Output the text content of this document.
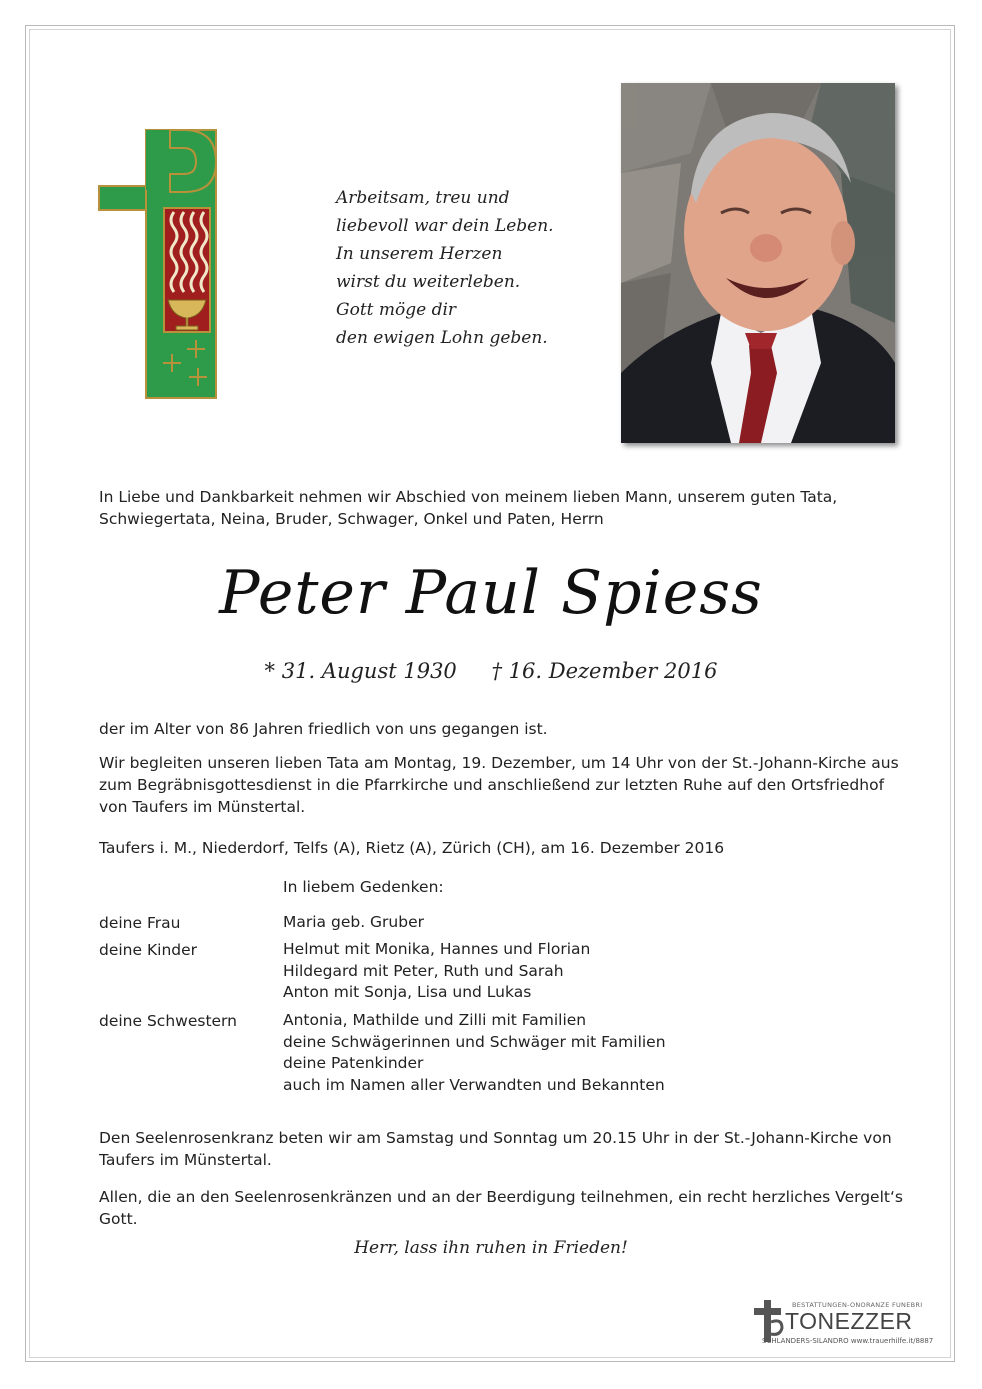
Arbeitsam, treu und
liebevoll war dein Leben.
In unserem Herzen
wirst du weiterleben.
Gott möge dir
den ewigen Lohn geben.
In Liebe und Dankbarkeit nehmen wir Abschied von meinem lieben Mann, unserem guten Tata, Schwiegertata, Neina, Bruder, Schwager, Onkel und Paten, Herrn
Peter Paul Spiess
* 31. August 1930 † 16. Dezember 2016
der im Alter von 86 Jahren friedlich von uns gegangen ist.
Wir begleiten unseren lieben Tata am Montag, 19. Dezember, um 14 Uhr von der St.-Johann-Kirche aus zum Begräbnisgottesdienst in die Pfarrkirche und anschließend zur letzten Ruhe auf den Ortsfriedhof von Taufers im Münstertal.
Taufers i. M., Niederdorf, Telfs (A), Rietz (A), Zürich (CH), am 16. Dezember 2016
In liebem Gedenken:
deine Frau	Maria geb. Gruber
deine Kinder	Helmut mit Monika, Hannes und Florian
Hildegard mit Peter, Ruth und Sarah
Anton mit Sonja, Lisa und Lukas
deine Schwestern	Antonia, Mathilde und Zilli mit Familien
deine Schwägerinnen und Schwäger mit Familien
deine Patenkinder
auch im Namen aller Verwandten und Bekannten
Den Seelenrosenkranz beten wir am Samstag und Sonntag um 20.15 Uhr in der St.-Johann-Kirche von Taufers im Münstertal.
Allen, die an den Seelenrosenkränzen und an der Beerdigung teilnehmen, ein recht herzliches Vergelt‘s Gott.
Herr, lass ihn ruhen in Frieden!
BESTATTUNGEN-ONORANZE FUNEBRI
TONEZZER
SCHLANDERS-SILANDRO www.trauerhilfe.it/8887
